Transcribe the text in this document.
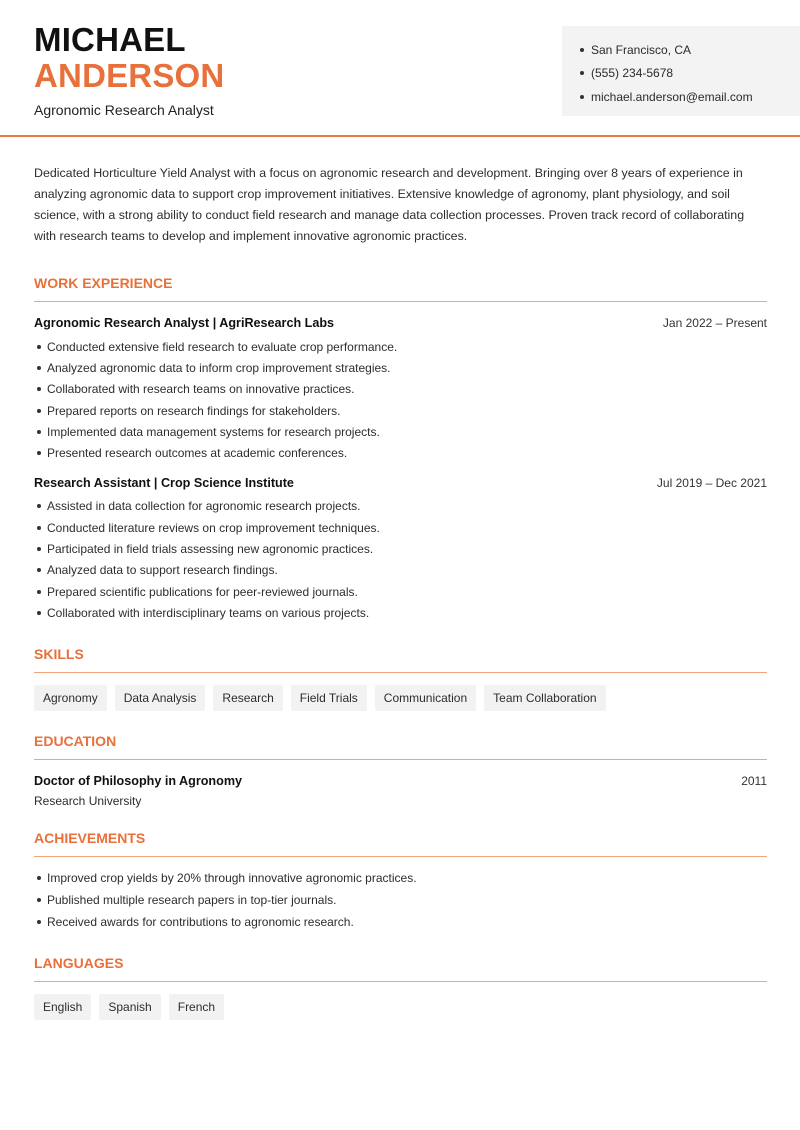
MICHAEL
ANDERSON
Agronomic Research Analyst
San Francisco, CA
(555) 234-5678
michael.anderson@email.com

Dedicated Horticulture Yield Analyst with a focus on agronomic research and development. Bringing over 8 years of experience in analyzing agronomic data to support crop improvement initiatives. Extensive knowledge of agronomy, plant physiology, and soil science, with a strong ability to conduct field research and manage data collection processes. Proven track record of collaborating with research teams to develop and implement innovative agronomic practices.

WORK EXPERIENCE
Agronomic Research Analyst | AgriResearch Labs	Jan 2022 – Present
Conducted extensive field research to evaluate crop performance.
Analyzed agronomic data to inform crop improvement strategies.
Collaborated with research teams on innovative practices.
Prepared reports on research findings for stakeholders.
Implemented data management systems for research projects.
Presented research outcomes at academic conferences.
Research Assistant | Crop Science Institute	Jul 2019 – Dec 2021
Assisted in data collection for agronomic research projects.
Conducted literature reviews on crop improvement techniques.
Participated in field trials assessing new agronomic practices.
Analyzed data to support research findings.
Prepared scientific publications for peer-reviewed journals.
Collaborated with interdisciplinary teams on various projects.
SKILLS
Agronomy	Data Analysis	Research	Field Trials	Communication	Team Collaboration
EDUCATION
Doctor of Philosophy in Agronomy	2011
Research University
ACHIEVEMENTS
Improved crop yields by 20% through innovative agronomic practices.
Published multiple research papers in top-tier journals.
Received awards for contributions to agronomic research.
LANGUAGES
English	Spanish	French
